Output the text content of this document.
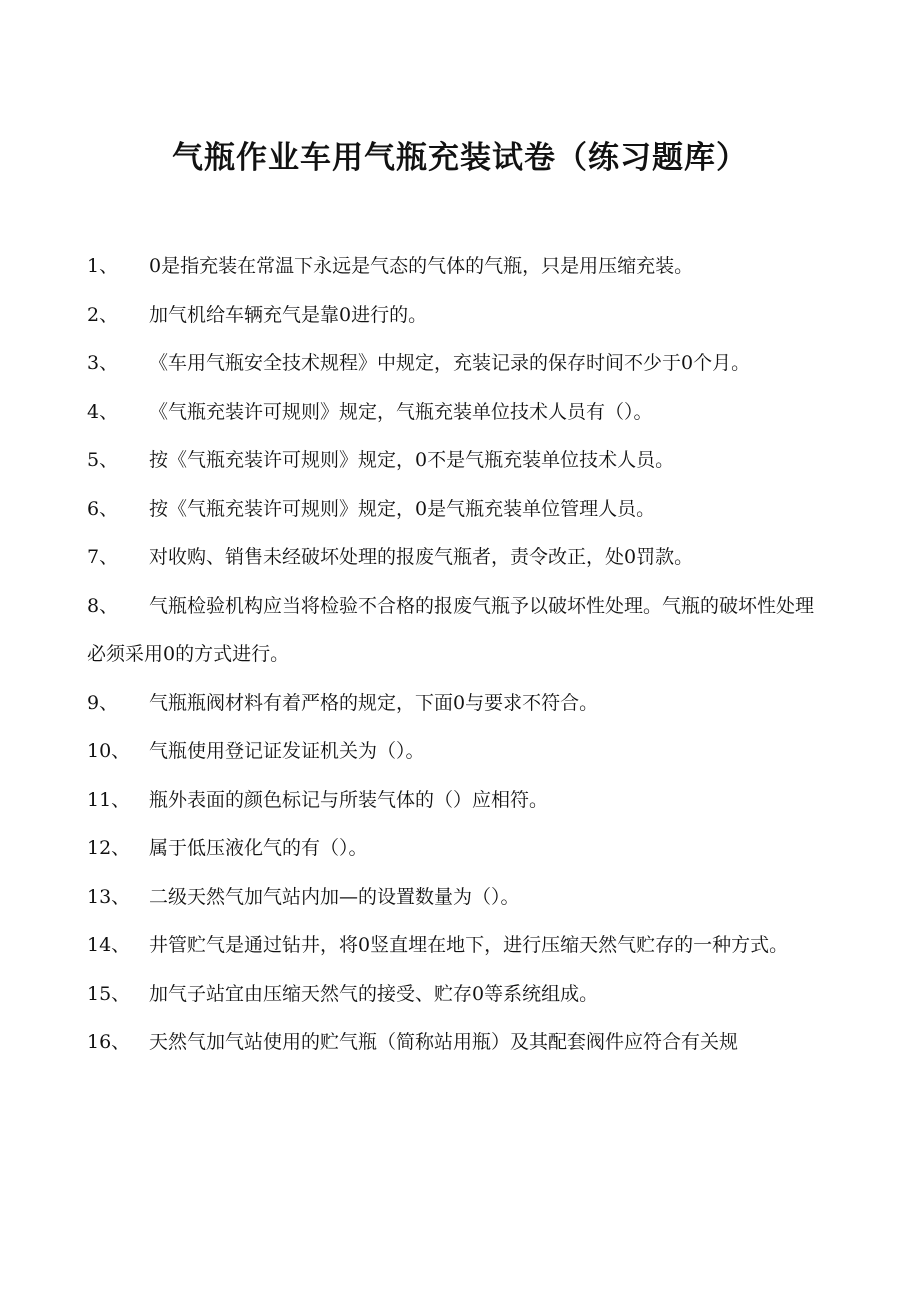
气瓶作业车用气瓶充装试卷（练习题库）
1、 0是指充装在常温下永远是气态的气体的气瓶，只是用压缩充装。
2、 加气机给车辆充气是靠0进行的。
3、 《车用气瓶安全技术规程》中规定，充装记录的保存时间不少于0个月。
4、 《气瓶充装许可规则》规定，气瓶充装单位技术人员有（）。
5、 按《气瓶充装许可规则》规定，0不是气瓶充装单位技术人员。
6、 按《气瓶充装许可规则》规定，0是气瓶充装单位管理人员。
7、 对收购、销售未经破坏处理的报废气瓶者，责令改正，处0罚款。
8、 气瓶检验机构应当将检验不合格的报废气瓶予以破坏性处理。气瓶的破坏性处理必须采用0的方式进行。
9、 气瓶瓶阀材料有着严格的规定，下面0与要求不符合。
10、 气瓶使用登记证发证机关为（）。
11、 瓶外表面的颜色标记与所装气体的（）应相符。
12、 属于低压液化气的有（）。
13、 二级天然气加气站内加—的设置数量为（）。
14、 井管贮气是通过钻井，将0竖直埋在地下，进行压缩天然气贮存的一种方式。
15、 加气子站宜由压缩天然气的接受、贮存0等系统组成。
16、 天然气加气站使用的贮气瓶（简称站用瓶）及其配套阀件应符合有关规
